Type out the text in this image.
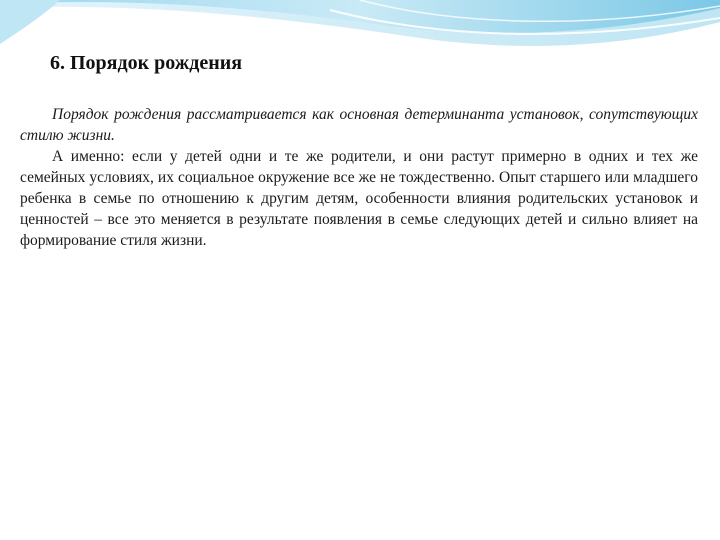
6. Порядок рождения

Порядок рождения рассматривается как основная детерминанта установок, сопутствующих стилю жизни.

А именно: если у детей одни и те же родители, и они растут примерно в одних и тех же семейных условиях, их социальное окружение все же не тождественно. Опыт старшего или младшего ребенка в семье по отношению к другим детям, особенности влияния родительских установок и ценностей – все это меняется в результате появления в семье следующих детей и сильно влияет на формирование стиля жизни.
